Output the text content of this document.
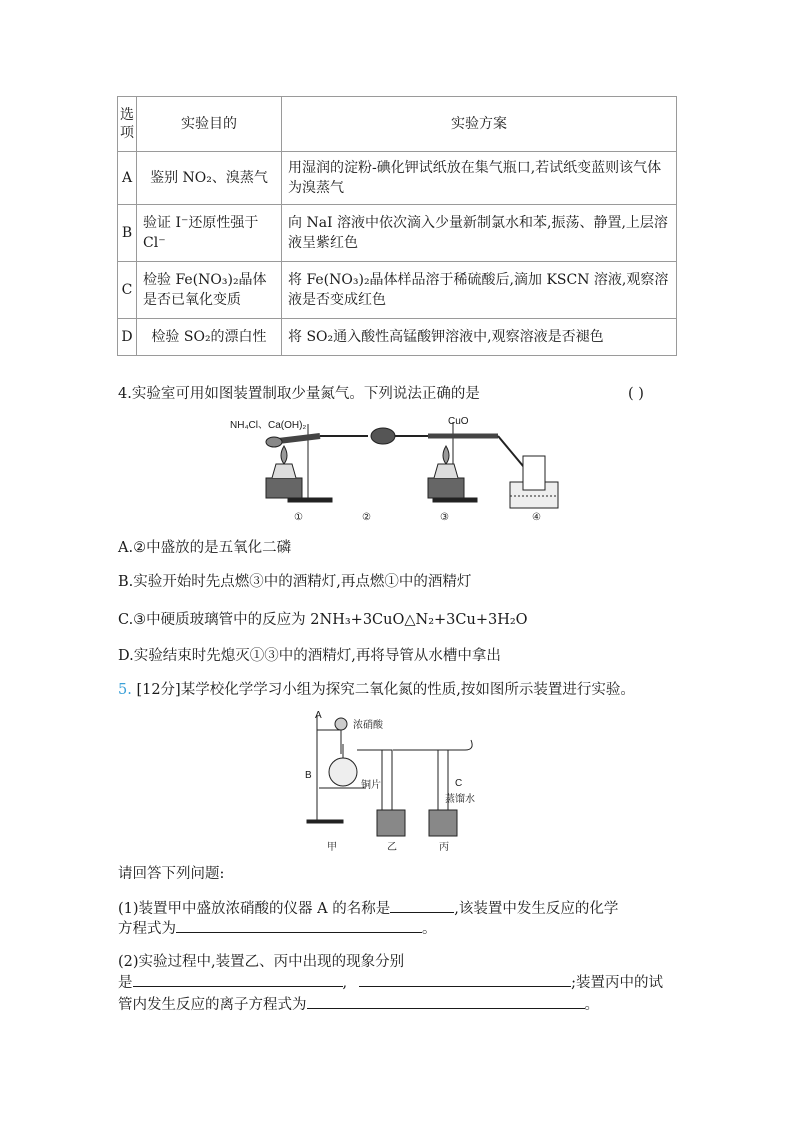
选项	实验目的	实验方案
A	鉴别 NO₂、溴蒸气	用湿润的淀粉-碘化钾试纸放在集气瓶口,若试纸变蓝则该气体为溴蒸气
B	验证 I⁻还原性强于 Cl⁻	向 NaI 溶液中依次滴入少量新制氯水和苯,振荡、静置,上层溶液呈紫红色
C	检验 Fe(NO₃)₂晶体是否已氧化变质	将 Fe(NO₃)₂晶体样品溶于稀硫酸后,滴加 KSCN 溶液,观察溶液是否变成红色
D	检验 SO₂的漂白性	将 SO₂通入酸性高锰酸钾溶液中,观察溶液是否褪色
4.实验室可用如图装置制取少量氮气。下列说法正确的是	( )
NH₄Cl、Ca(OH)₂	CuO
①	②	③	④
A.②中盛放的是五氧化二磷
B.实验开始时先点燃③中的酒精灯,再点燃①中的酒精灯
C.③中硬质玻璃管中的反应为 2NH₃+3CuO△N₂+3Cu+3H₂O
D.实验结束时先熄灭①③中的酒精灯,再将导管从水槽中拿出
5. [12分]某学校化学学习小组为探究二氧化氮的性质,按如图所示装置进行实验。
A
浓硝酸
B
铜片	C
蒸馏水
甲	乙	丙
请回答下列问题:
(1)装置甲中盛放浓硝酸的仪器 A 的名称是	,该装置中发生反应的化学
方程式为	。
(2)实验过程中,装置乙、丙中出现的现象分别
是	,	;装置丙中的试
管内发生反应的离子方程式为	。
